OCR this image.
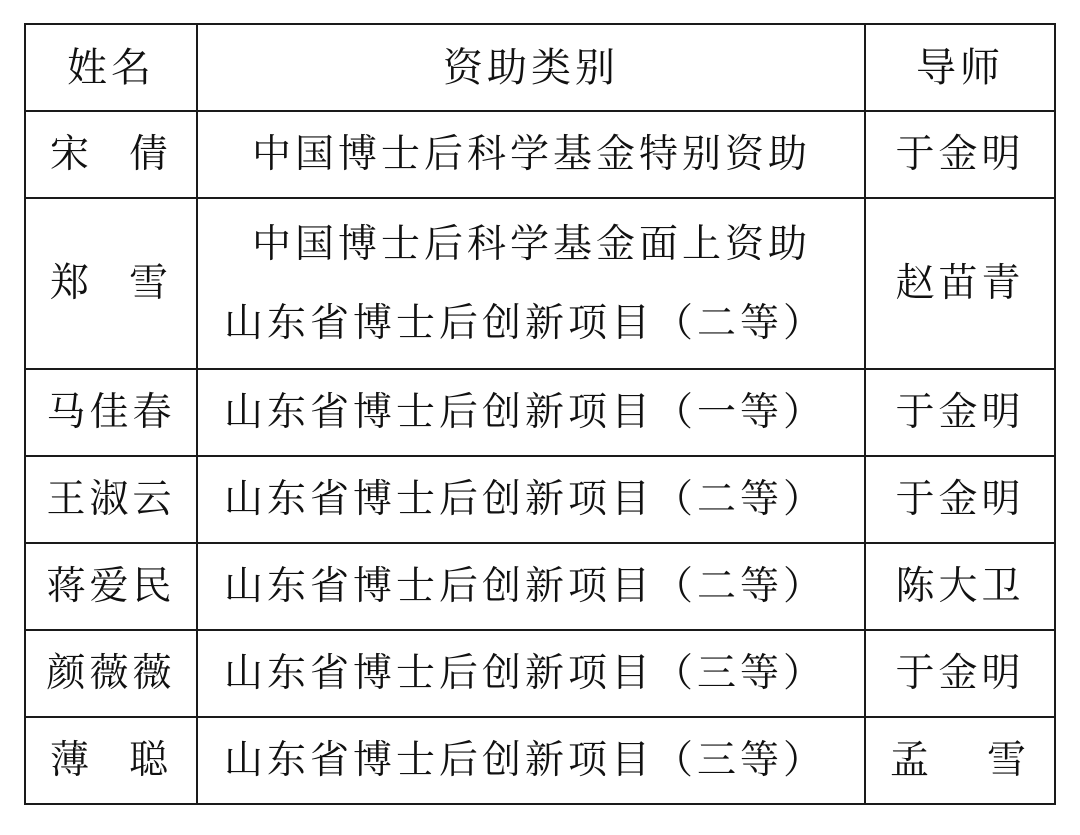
姓名	资助类别	导师

宋 倩	中国博士后科学基金特别资助	于金明

郑 雪	中国博士后科学基金面上资助
山东省博士后创新项目（二等）	赵苗青
马佳春	山东省博士后创新项目（一等）	于金明
王淑云	山东省博士后创新项目（二等）	于金明
蒋爱民	山东省博士后创新项目（二等）	陈大卫
颜薇薇	山东省博士后创新项目（三等）	于金明

薄 聪	山东省博士后创新项目（三等）	孟 雪
